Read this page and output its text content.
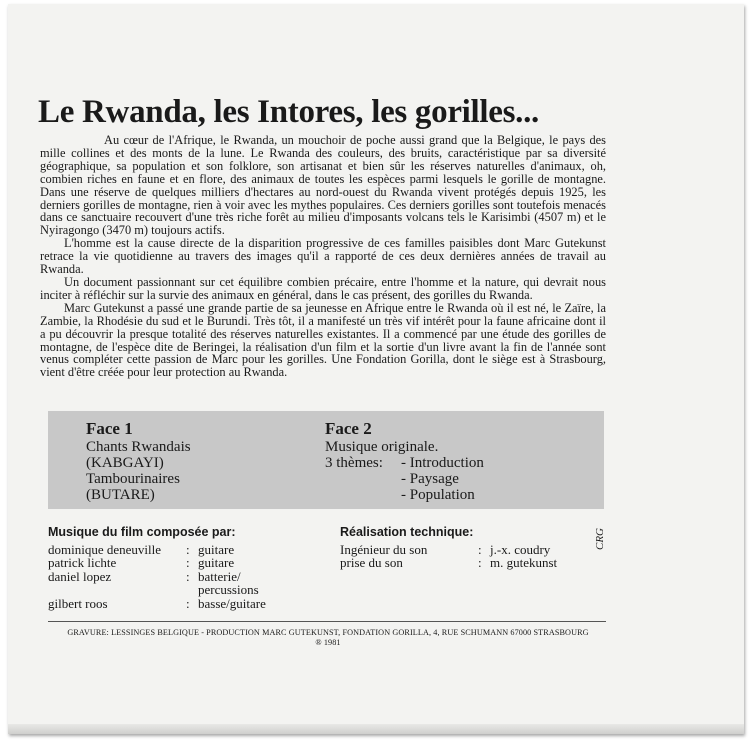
Le Rwanda, les Intores, les gorilles...

Au cœur de l'Afrique, le Rwanda, un mouchoir de poche aussi grand que la Belgique, le pays des mille collines et des monts de la lune. Le Rwanda des couleurs, des bruits, caractéristique par sa diversité géographique, sa population et son folklore, son artisanat et bien sûr les réserves naturelles d'animaux, oh, combien riches en faune et en flore, des animaux de toutes les espèces parmi lesquels le gorille de montagne. Dans une réserve de quelques milliers d'hectares au nord-ouest du Rwanda vivent protégés depuis 1925, les derniers gorilles de montagne, rien à voir avec les mythes populaires. Ces derniers gorilles sont toutefois menacés dans ce sanctuaire recouvert d'une très riche forêt au milieu d'imposants volcans tels le Karisimbi (4507 m) et le Nyiragongo (3470 m) toujours actifs.

L'homme est la cause directe de la disparition progressive de ces familles paisibles dont Marc Gutekunst retrace la vie quotidienne au travers des images qu'il a rapporté de ces deux dernières années de travail au Rwanda.

Un document passionnant sur cet équilibre combien précaire, entre l'homme et la nature, qui devrait nous inciter à réfléchir sur la survie des animaux en général, dans le cas présent, des gorilles du Rwanda.

Marc Gutekunst a passé une grande partie de sa jeunesse en Afrique entre le Rwanda où il est né, le Zaïre, la Zambie, la Rhodésie du sud et le Burundi. Très tôt, il a manifesté un très vif intérêt pour la faune africaine dont il a pu découvrir la presque totalité des réserves naturelles existantes. Il a commencé par une étude des gorilles de montagne, de l'espèce dite de Beringei, la réalisation d'un film et la sortie d'un livre avant la fin de l'année sont venus compléter cette passion de Marc pour les gorilles. Une Fondation Gorilla, dont le siège est à Strasbourg, vient d'être créée pour leur protection au Rwanda.

Face 1
Chants Rwandais
(KABGAYI)
Tambourinaires
(BUTARE)
Face 2
Musique originale.
3 thèmes:	- Introduction
- Paysage
- Population
Musique du film composée par:
dominique deneuville	: guitare
patrick lichte	: guitare
daniel lopez	: batterie/
percussions
gilbert roos	: basse/guitare
Réalisation technique:
Ingénieur du son	: j.-x. coudry
prise du son	: m. gutekunst
CRG
GRAVURE: LESSINGES BELGIQUE - PRODUCTION MARC GUTEKUNST, FONDATION GORILLA, 4, RUE SCHUMANN 67000 STRASBOURG
® 1981
